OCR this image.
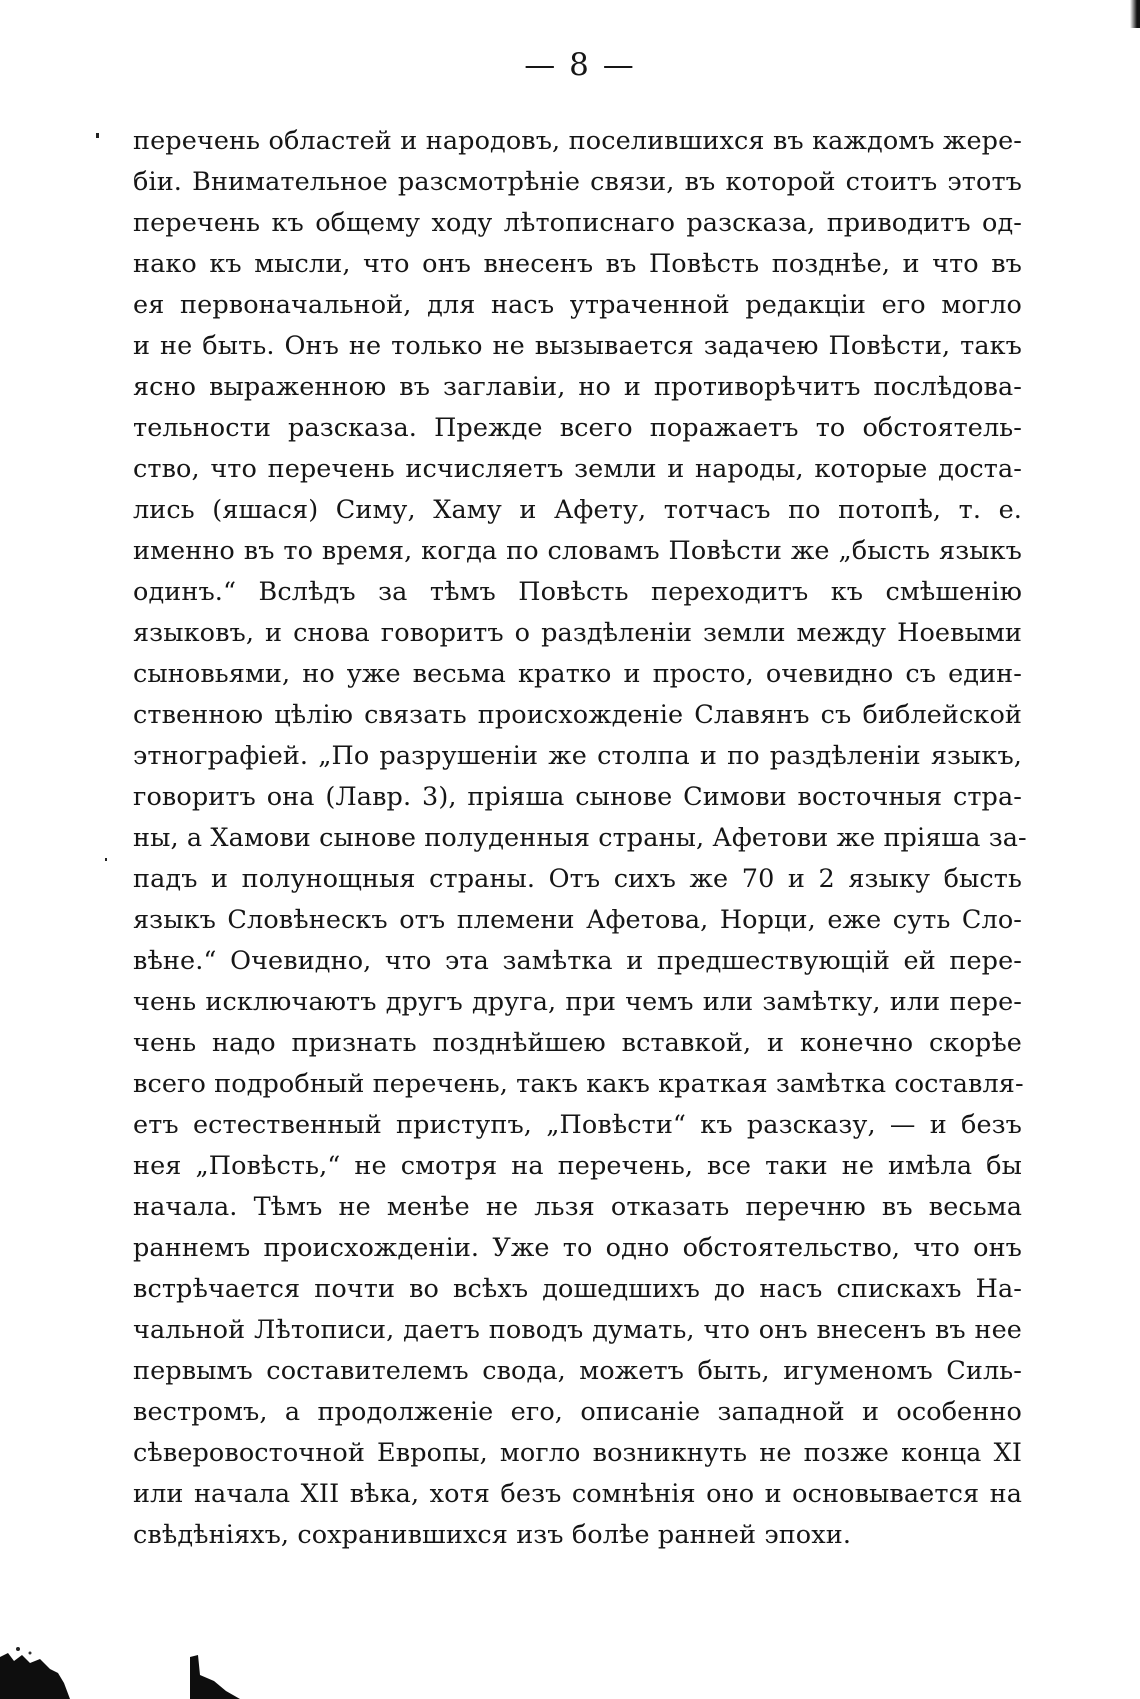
— 8 —
перечень областей и народовъ, поселившихся въ каждомъ жере-
біи. Внимательное разсмотрѣніе связи, въ которой стоитъ этотъ
перечень къ общему ходу лѣтописнаго разсказа, приводитъ од-
нако къ мысли, что онъ внесенъ въ Повѣсть позднѣе, и что въ
ея первоначальной, для насъ утраченной редакціи его могло
и не быть. Онъ не только не вызывается задачею Повѣсти, такъ
ясно выраженною въ заглавіи, но и противорѣчитъ послѣдова-
тельности разсказа. Прежде всего поражаетъ то обстоятель-
ство, что перечень исчисляетъ земли и народы, которые доста-
лись (яшася) Симу, Хаму и Афету, тотчасъ по потопѣ, т. е.
именно въ то время, когда по словамъ Повѣсти же „бысть языкъ
одинъ.“ Вслѣдъ за тѣмъ Повѣсть переходитъ къ смѣшенію
языковъ, и снова говоритъ о раздѣленіи земли между Ноевыми
сыновьями, но уже весьма кратко и просто, очевидно съ един-
ственною цѣлію связать происхожденіе Славянъ съ библейской
этнографіей. „По разрушеніи же столпа и по раздѣленіи языкъ,
говоритъ она (Лавр. 3), пріяша сынове Симови восточныя стра-
ны, а Хамови сынове полуденныя страны, Афетови же пріяша за-
падъ и полунощныя страны. Отъ сихъ же 70 и 2 языку бысть
языкъ Словѣнескъ отъ племени Афетова, Норци, еже суть Сло-
вѣне.“ Очевидно, что эта замѣтка и предшествующій ей пере-
чень исключаютъ другъ друга, при чемъ или замѣтку, или пере-
чень надо признать позднѣйшею вставкой, и конечно скорѣе
всего подробный перечень, такъ какъ краткая замѣтка составля-
етъ естественный приступъ, „Повѣсти“ къ разсказу, — и безъ
нея „Повѣсть,“ не смотря на перечень, все таки не имѣла бы
начала. Тѣмъ не менѣе не льзя отказать перечню въ весьма
раннемъ происхожденіи. Уже то одно обстоятельство, что онъ
встрѣчается почти во всѣхъ дошедшихъ до насъ спискахъ На-
чальной Лѣтописи, даетъ поводъ думать, что онъ внесенъ въ нее
первымъ составителемъ свода, можетъ быть, игуменомъ Силь-
вестромъ, а продолженіе его, описаніе западной и особенно
сѣверовосточной Европы, могло возникнуть не позже конца XI
или начала XII вѣка, хотя безъ сомнѣнія оно и основывается на
свѣдѣніяхъ, сохранившихся изъ болѣе ранней эпохи.
